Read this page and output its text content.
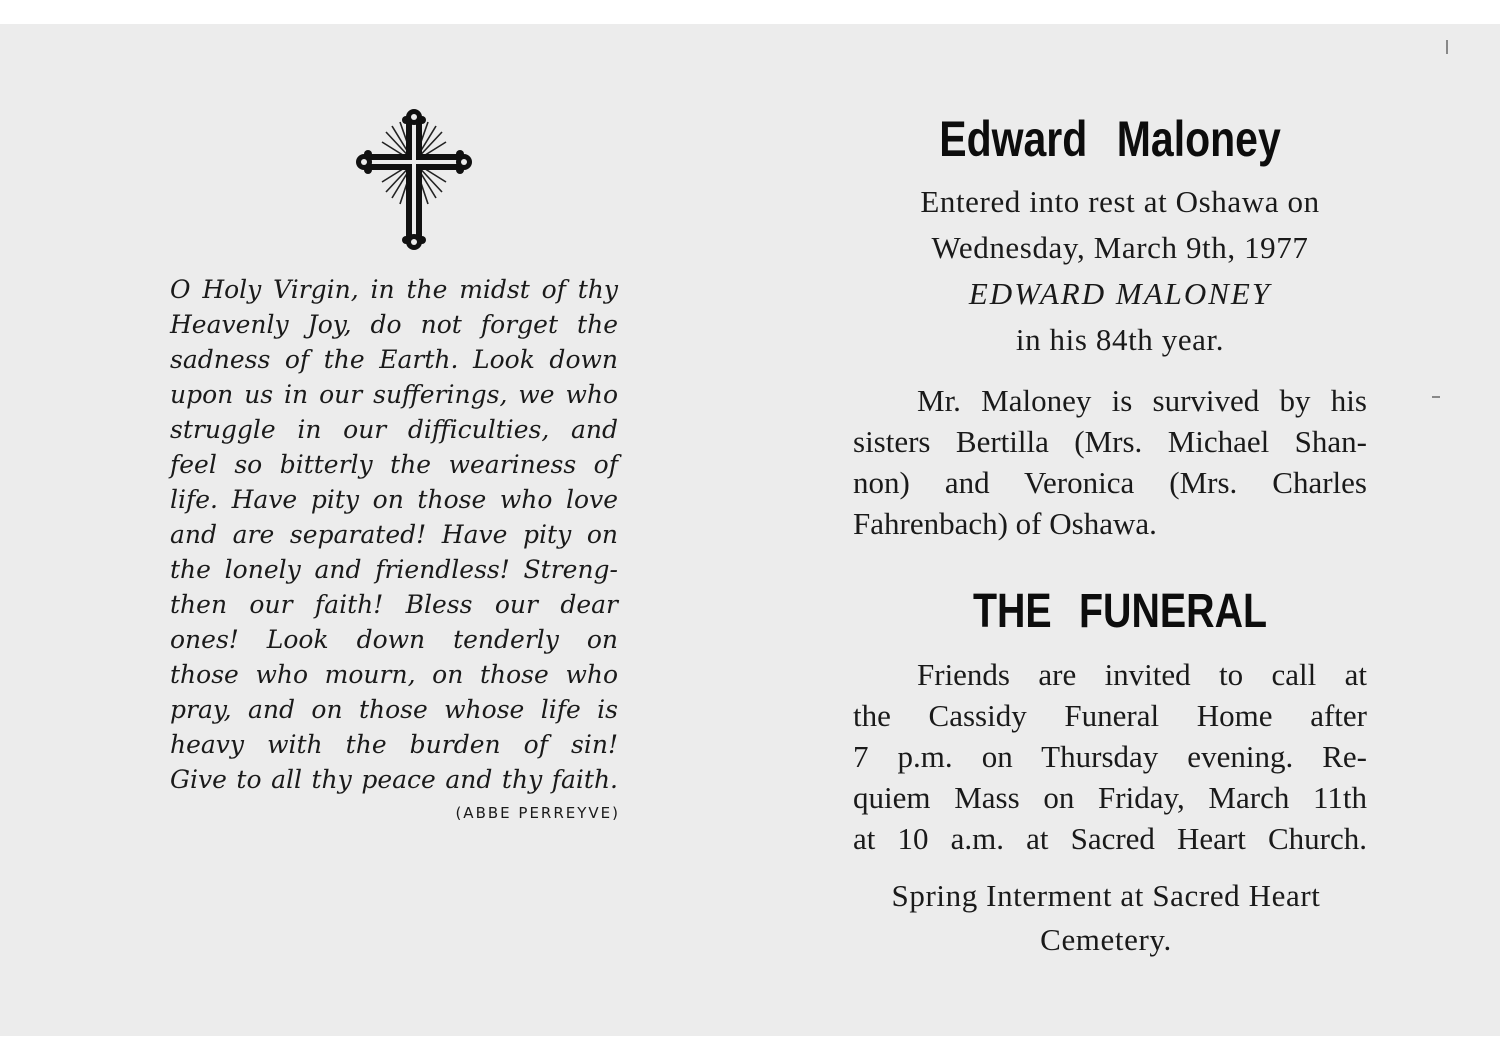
O Holy Virgin, in the midst of thy
Heavenly Joy, do not forget the
sadness of the Earth. Look down
upon us in our sufferings, we who
struggle in our difficulties, and
feel so bitterly the weariness of
life. Have pity on those who love
and are separated! Have pity on
the lonely and friendless! Streng-
then our faith! Bless our dear
ones! Look down tenderly on
those who mourn, on those who
pray, and on those whose life is
heavy with the burden of sin!
Give to all thy peace and thy faith.
(ABBE PERREYVE)
Edward Maloney
Entered into rest at Oshawa on
Wednesday, March 9th, 1977
EDWARD MALONEY
in his 84th year.
Mr. Maloney is survived by his
sisters Bertilla (Mrs. Michael Shan-
non) and Veronica (Mrs. Charles
Fahrenbach) of Oshawa.
THE FUNERAL
Friends are invited to call at
the Cassidy Funeral Home after
7 p.m. on Thursday evening. Re-
quiem Mass on Friday, March 11th
at 10 a.m. at Sacred Heart Church.
Spring Interment at Sacred Heart
Cemetery.
